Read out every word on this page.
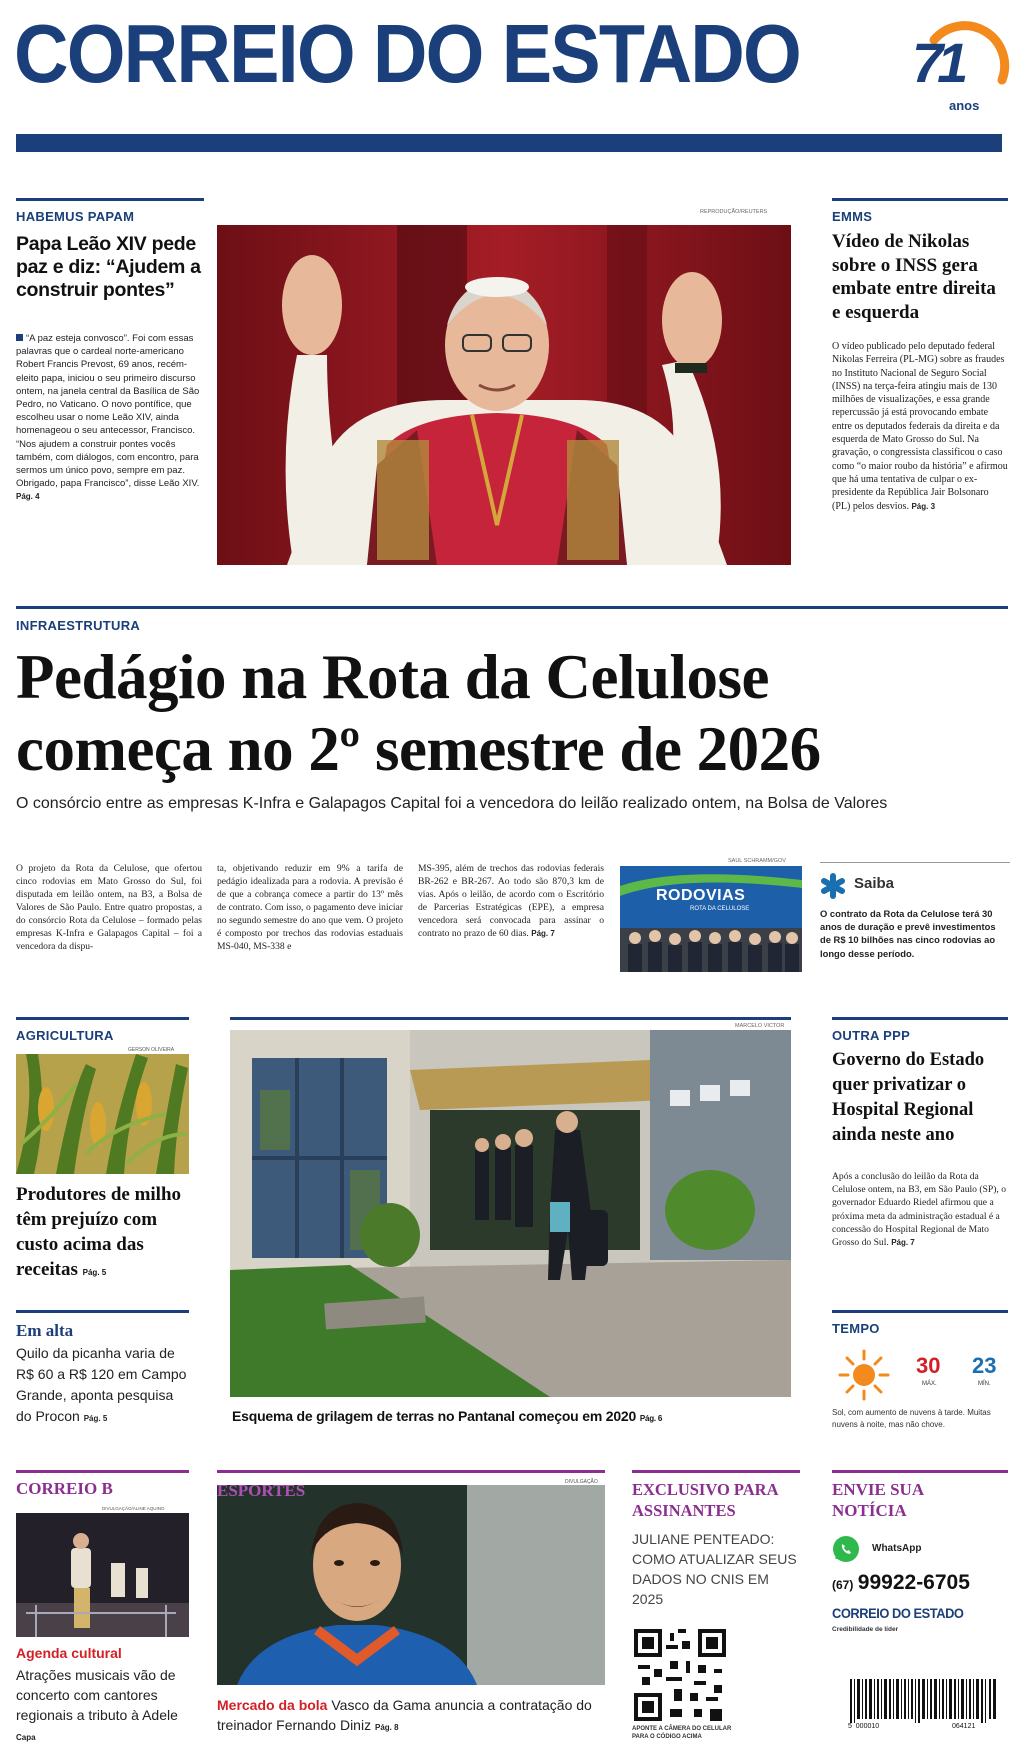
CORREIO DO ESTADO 71
anos

SEXTA-FEIRA, 9 DE MAIO DE 2025  |  ANO 72  |  Nº 22.730  |  CORREIODOESTADO.COM.BR  |  FUNDADO EM 7 DE FEVEREIRO DE 1954  |  CAPITAL E OUTROS R$ 2

HABEMUS PAPAM
Papa Leão XIV pede paz e diz: “Ajudem a construir pontes”
“A paz esteja convosco”. Foi com essas palavras que o cardeal norte-americano Robert Francis Prevost, 69 anos, recém-eleito papa, iniciou o seu primeiro discurso ontem, na janela central da Basílica de São Pedro, no Vaticano. O novo pontífice, que escolheu usar o nome Leão XIV, ainda homenageou o seu antecessor, Francisco. “Nos ajudem a construir pontes vocês também, com diálogos, com encontro, para sermos um único povo, sempre em paz. Obrigado, papa Francisco”, disse Leão XIV. Pág. 4
REPRODUÇÃO/REUTERS	EMMS
Vídeo de Nikolas sobre o INSS gera embate entre direita e esquerda
O vídeo publicado pelo deputado federal Nikolas Ferreira (PL-MG) sobre as fraudes no Instituto Nacional de Seguro Social (INSS) na terça-feira atingiu mais de 130 milhões de visualizações, e essa grande repercussão já está provocando embate entre os deputados federais da direita e da esquerda de Mato Grosso do Sul. Na gravação, o congressista classificou o caso como “o maior roubo da história” e afirmou que há uma tentativa de culpar o ex-presidente da República Jair Bolsonaro (PL) pelos desvios. Pág. 3
INFRAESTRUTURA
Pedágio na Rota da Celulose
começa no 2º semestre de 2026
O consórcio entre as empresas K-Infra e Galapagos Capital foi a vencedora do leilão realizado ontem, na Bolsa de Valores
O projeto da Rota da Celulose, que ofertou cinco rodovias em Mato Grosso do Sul, foi disputada em leilão ontem, na B3, a Bolsa de Valores de São Paulo. Entre quatro propostas, a do consórcio Rota da Celulose – formado pelas empresas K-Infra e Galapagos Capital – foi a vencedora da dispu-
ta, objetivando reduzir em 9% a tarifa de pedágio idealizada para a rodovia. A previsão é de que a cobrança comece a partir do 13º mês de contrato. Com isso, o pagamento deve iniciar no segundo semestre do ano que vem. O projeto é composto por trechos das rodovias estaduais MS-040, MS-338 e
MS-395, além de trechos das rodovias federais BR-262 e BR-267. Ao todo são 870,3 km de vias. Após o leilão, de acordo com o Escritório de Parcerias Estratégicas (EPE), a empresa vencedora será convocada para assinar o contrato no prazo de 60 dias. Pág. 7
SAUL SCHRAMM/GOV
RODOVIAS
ROTA DA CELULOSE
Saiba
O contrato da Rota da Celulose terá 30 anos de duração e prevê investimentos de R$ 10 bilhões nas cinco rodovias ao longo desse período.
AGRICULTURA
GERSON OLIVEIRA
Produtores de milho têm prejuízo com custo acima das receitas Pág. 5
Em alta
Quilo da picanha varia de R$ 60 a R$ 120 em Campo Grande, aponta pesquisa do Procon Pág. 5
MARCELO VICTOR
Esquema de grilagem de terras no Pantanal começou em 2020 Pág. 6
OUTRA PPP
Governo do Estado quer privatizar o Hospital Regional ainda neste ano
Após a conclusão do leilão da Rota da Celulose ontem, na B3, em São Paulo (SP), o governador Eduardo Riedel afirmou que a próxima meta da administração estadual é a concessão do Hospital Regional de Mato Grosso do Sul. Pág. 7
TEMPO
30
MÁX.
23
MÍN.
Sol, com aumento de nuvens à tarde. Muitas nuvens à noite, mas não chove.
CORREIO B
DIVULGAÇÃO/ALINE AQUINO
Agenda cultural
Atrações musicais vão de concerto com cantores regionais a tributo à Adele Capa
DIVULGAÇÃO
ESPORTES
Mercado da bola Vasco da Gama anuncia a contratação do treinador Fernando Diniz Pág. 8
EXCLUSIVO PARA ASSINANTES
JULIANE PENTEADO: COMO ATUALIZAR SEUS DADOS NO CNIS EM 2025
APONTE A CÂMERA DO CELULAR PARA O CÓDIGO ACIMA
ENVIE SUA NOTÍCIA
WhatsApp
(67) 99922-6705
CORREIO DO ESTADO
Credibilidade de líder
5  000010	064121
